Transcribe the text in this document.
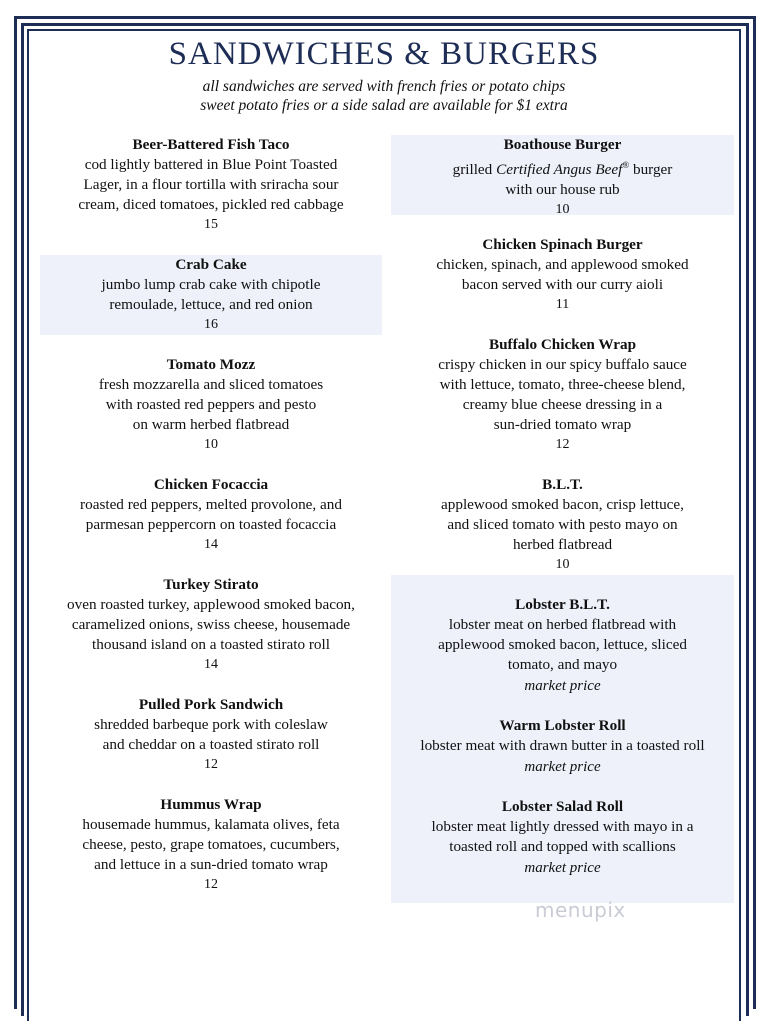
SANDWICHES & BURGERS
all sandwiches are served with french fries or potato chips
sweet potato fries or a side salad are available for $1 extra
Beer-Battered Fish Taco
cod lightly battered in Blue Point Toasted
Lager, in a flour tortilla with sriracha sour
cream, diced tomatoes, pickled red cabbage
15
Crab Cake
jumbo lump crab cake with chipotle
remoulade, lettuce, and red onion
16
Tomato Mozz
fresh mozzarella and sliced tomatoes
with roasted red peppers and pesto
on warm herbed flatbread
10
Chicken Focaccia
roasted red peppers, melted provolone, and
parmesan peppercorn on toasted focaccia
14
Turkey Stirato
oven roasted turkey, applewood smoked bacon,
caramelized onions, swiss cheese, housemade
thousand island on a toasted stirato roll
14
Pulled Pork Sandwich
shredded barbeque pork with coleslaw
and cheddar on a toasted stirato roll
12
Hummus Wrap
housemade hummus, kalamata olives, feta
cheese, pesto, grape tomatoes, cucumbers,
and lettuce in a sun-dried tomato wrap
12
Boathouse Burger
grilled Certified Angus Beef® burger
with our house rub
10
Chicken Spinach Burger
chicken, spinach, and applewood smoked
bacon served with our curry aioli
11
Buffalo Chicken Wrap
crispy chicken in our spicy buffalo sauce
with lettuce, tomato, three-cheese blend,
creamy blue cheese dressing in a
sun-dried tomato wrap
12
B.L.T.
applewood smoked bacon, crisp lettuce,
and sliced tomato with pesto mayo on
herbed flatbread
10
Lobster B.L.T.
lobster meat on herbed flatbread with
applewood smoked bacon, lettuce, sliced
tomato, and mayo
market price
Warm Lobster Roll
lobster meat with drawn butter in a toasted roll
market price
Lobster Salad Roll
lobster meat lightly dressed with mayo in a
toasted roll and topped with scallions
market price
menupix
